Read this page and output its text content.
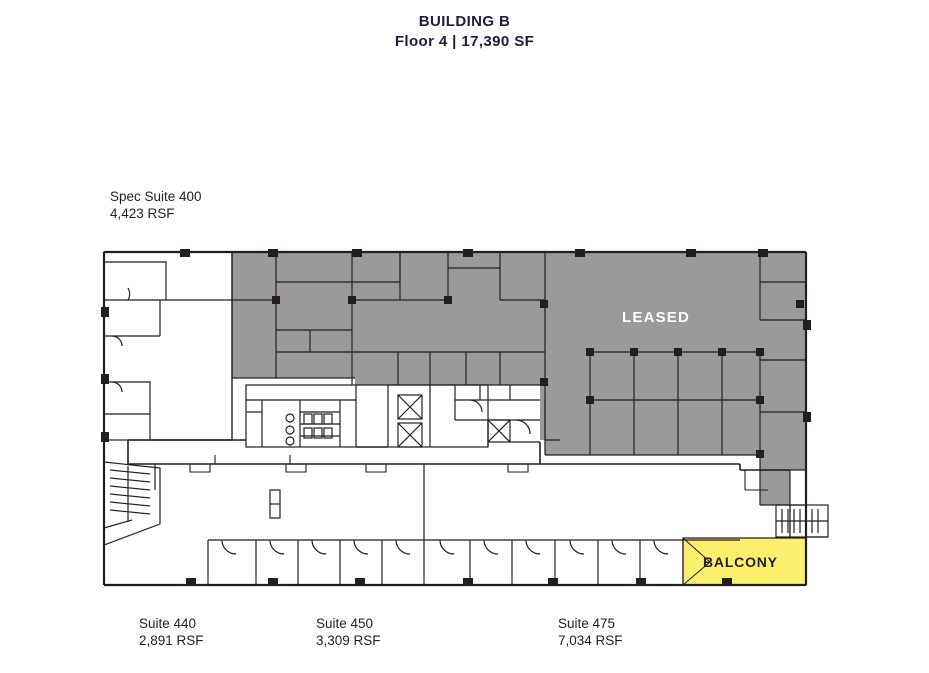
BUILDING B
Floor 4 | 17,390 SF
LEASED
BALCONY
Spec Suite 400
4,423 RSF
Suite 440
2,891 RSF
Suite 450
3,309 RSF
Suite 475
7,034 RSF
